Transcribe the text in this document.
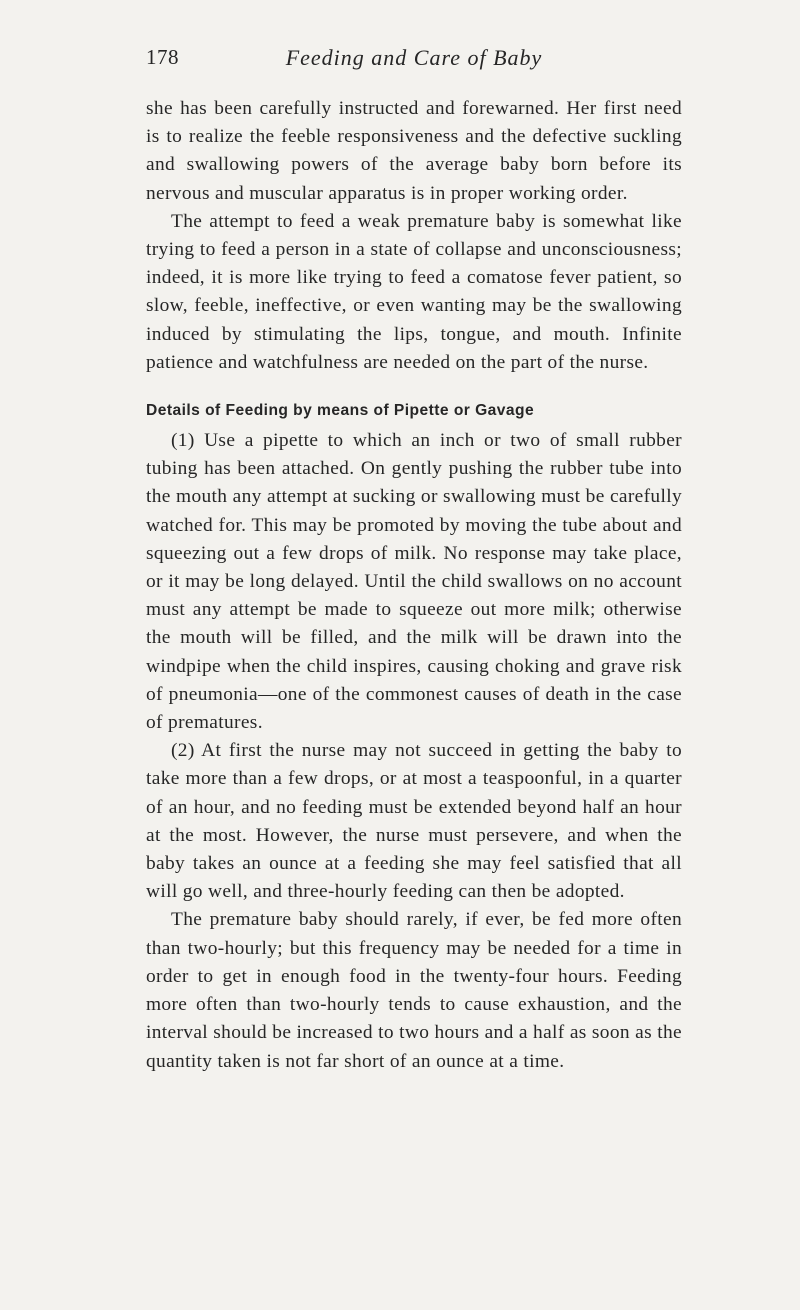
178	Feeding and Care of Baby

she has been carefully instructed and forewarned. Her first need is to realize the feeble responsiveness and the defective suckling and swallowing powers of the average baby born before its nervous and muscular apparatus is in proper working order.

The attempt to feed a weak premature baby is somewhat like trying to feed a person in a state of collapse and unconsciousness; indeed, it is more like trying to feed a comatose fever patient, so slow, feeble, ineffective, or even wanting may be the swallowing induced by stimulating the lips, tongue, and mouth. Infinite patience and watchfulness are needed on the part of the nurse.

Details of Feeding by means of Pipette or Gavage

(1) Use a pipette to which an inch or two of small rubber tubing has been attached. On gently pushing the rubber tube into the mouth any attempt at sucking or swallowing must be carefully watched for. This may be promoted by moving the tube about and squeezing out a few drops of milk. No response may take place, or it may be long delayed. Until the child swallows on no account must any attempt be made to squeeze out more milk; otherwise the mouth will be filled, and the milk will be drawn into the windpipe when the child inspires, causing choking and grave risk of pneumonia—one of the commonest causes of death in the case of prematures.

(2) At first the nurse may not succeed in getting the baby to take more than a few drops, or at most a teaspoonful, in a quarter of an hour, and no feeding must be extended beyond half an hour at the most. However, the nurse must persevere, and when the baby takes an ounce at a feeding she may feel satisfied that all will go well, and three-hourly feeding can then be adopted.

The premature baby should rarely, if ever, be fed more often than two-hourly; but this frequency may be needed for a time in order to get in enough food in the twenty-four hours. Feeding more often than two-hourly tends to cause exhaustion, and the interval should be increased to two hours and a half as soon as the quantity taken is not far short of an ounce at a time.
